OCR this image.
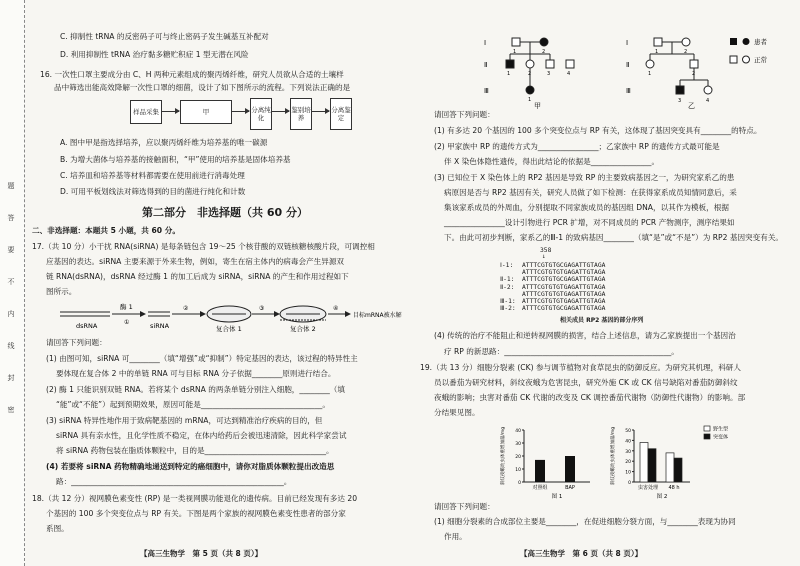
题
答
要
不
内
线
封
密
C. 抑制性 tRNA 的反密码子可与终止密码子发生碱基互补配对
D. 利用抑制性 tRNA 治疗黏多糖贮积症 1 型无潜在风险
16. 一次性口罩主要成分由 C、H 两种元素组成的聚丙烯纤维，研究人员欲从合适的土壤样
品中筛选出能高效降解一次性口罩的细菌，设计了如下图所示的流程。下列说法正确的是
样品采集	甲	分离纯化
鉴别培养
分离鉴定
A. 图中甲是指选择培养，应以聚丙烯纤维为培养基的唯一碳源
B. 为增大菌体与培养基的接触面积，“甲”使用的培养基是固体培养基
C. 培养皿和培养基等材料都需要在使用前进行消毒处理
D. 可用平板划线法对筛选得到的目的菌进行纯化和计数
第二部分　非选择题（共 60 分）
二、非选择题：本题共 5 小题，共 60 分。
17.（共 10 分）小干扰 RNA(siRNA) 是每条链包含 19～25 个核苷酸的双链核糖核酸片段，可调控相
应基因的表达。siRNA 主要来源于外来生物，例如，寄生在宿主体内的病毒会产生异源双
链 RNA(dsRNA)，dsRNA 经过酶 1 的加工后成为 siRNA，siRNA 的产生和作用过程如下
图所示。
dsRNA
酶 1
siRNA	复合体 1	复合体 2
目标mRNA被水解
①
②	③	④
请回答下列问题：
(1) 由图可知，siRNA 可________（填“增强”或“抑制”）特定基因的表达，该过程的特异性主
要体现在复合体 2 中的单链 RNA 可与目标 RNA 分子依据________原则进行结合。
(2) 酶 1 只能识别双链 RNA。若将某个 dsRNA 的两条单链分别注入细胞，________（填
“能”或“不能”）起到预期效果，原因可能是________________________________。
(3) siRNA 特异性地作用于致病靶基因的 mRNA，可达到精准治疗疾病的目的，但
siRNA 具有亲水性，且化学性质不稳定，在体内给药后会被迅速清除，因此科学家尝试
将 siRNA 药物包装在脂质体颗粒中，目的是________________________________。
(4) 若要将 siRNA 药物精确地递送到特定的癌细胞中，请你对脂质体颗粒提出改造思
路：________________________________________________________。
18.（共 12 分）视网膜色素变性 (RP) 是一类视网膜功能退化的遗传病。目前已经发现有多达 20
个基因的 100 多个突变位点与 RP 有关。下图是两个家族的视网膜色素变性患者的部分家
系图。
【高三生物学　第 5 页（共 8 页）】
患者
正常
Ⅰ
Ⅱ
Ⅲ
Ⅰ
Ⅱ
Ⅲ
1	2
1	2	3	4
1
1	2
1	2
3	4
甲	乙
请回答下列问题：
(1) 有多达 20 个基因的 100 多个突变位点与 RP 有关，这体现了基因突变具有________的特点。
(2) 甲家族中 RP 的遗传方式为________________；乙家族中 RP 的遗传方式最可能是
伴 X 染色体隐性遗传，得出此结论的依据是________________。
(3) 已知位于 X 染色体上的 RP2 基因是导致 RP 的主要致病基因之一，为研究家系乙的患
病原因是否与 RP2 基因有关，研究人员做了如下检测：在获得家系成员知情同意后，采
集该家系成员的外周血，分别提取不同家族成员的基因组 DNA，以其作为模板，根据
________________设计引物进行 PCR 扩增，对不同成员的 PCR 产物测序，测序结果如
下。由此可初步判断，家系乙的Ⅲ-1 的致病基因________（填“是”或“不是”）为 RP2 基因突变有关。
358
↓
Ⅰ-1: ATTTCGTGTGCGAGATTGTAGA
ATTTCGTGTGTGAGATTGTAGA
Ⅱ-1: ATTTCGTGTGCGAGATTGTAGA
Ⅱ-2: ATTTCGTGTGTGAGATTGTAGA
ATTTCGTGTGTGAGATTGTAGA
Ⅲ-1: ATTTCGTGTGTGAGATTGTAGA
Ⅲ-2: ATTTCGTGTGCGAGATTGTAGA
相关成员 RP2 基因的部分序列
(4) 传统的治疗不能阻止和逆转视网膜的损害，结合上述信息，请为乙家族提出一个基因治
疗 RP 的新思路：____________________________________________。
19.（共 13 分）细胞分裂素 (CK) 参与调节植物对食草昆虫的防御反应。为研究其机理，科研人
员以番茄为研究材料，斜纹夜蛾为危害昆虫，研究外施 CK 或 CK 信号缺陷对番茄防御斜纹
夜蛾的影响；虫害对番茄 CK 代谢的改变及 CK 调控番茄代谢物（防御性代谢物）的影响。部
分结果见图。
0
10
20
30
40
斜纹夜蛾幼虫体重增加量/mg
对照组	BAP
图 1
0
10
20
30
40
50
斜纹夜蛾幼虫体重增加量/mg
虫害处理 48 h
图 2
野生型
突变体
请回答下列问题：
(1) 细胞分裂素的合成部位主要是________，在促进细胞分裂方面，与________表现为协同
作用。
【高三生物学　第 6 页（共 8 页）】
